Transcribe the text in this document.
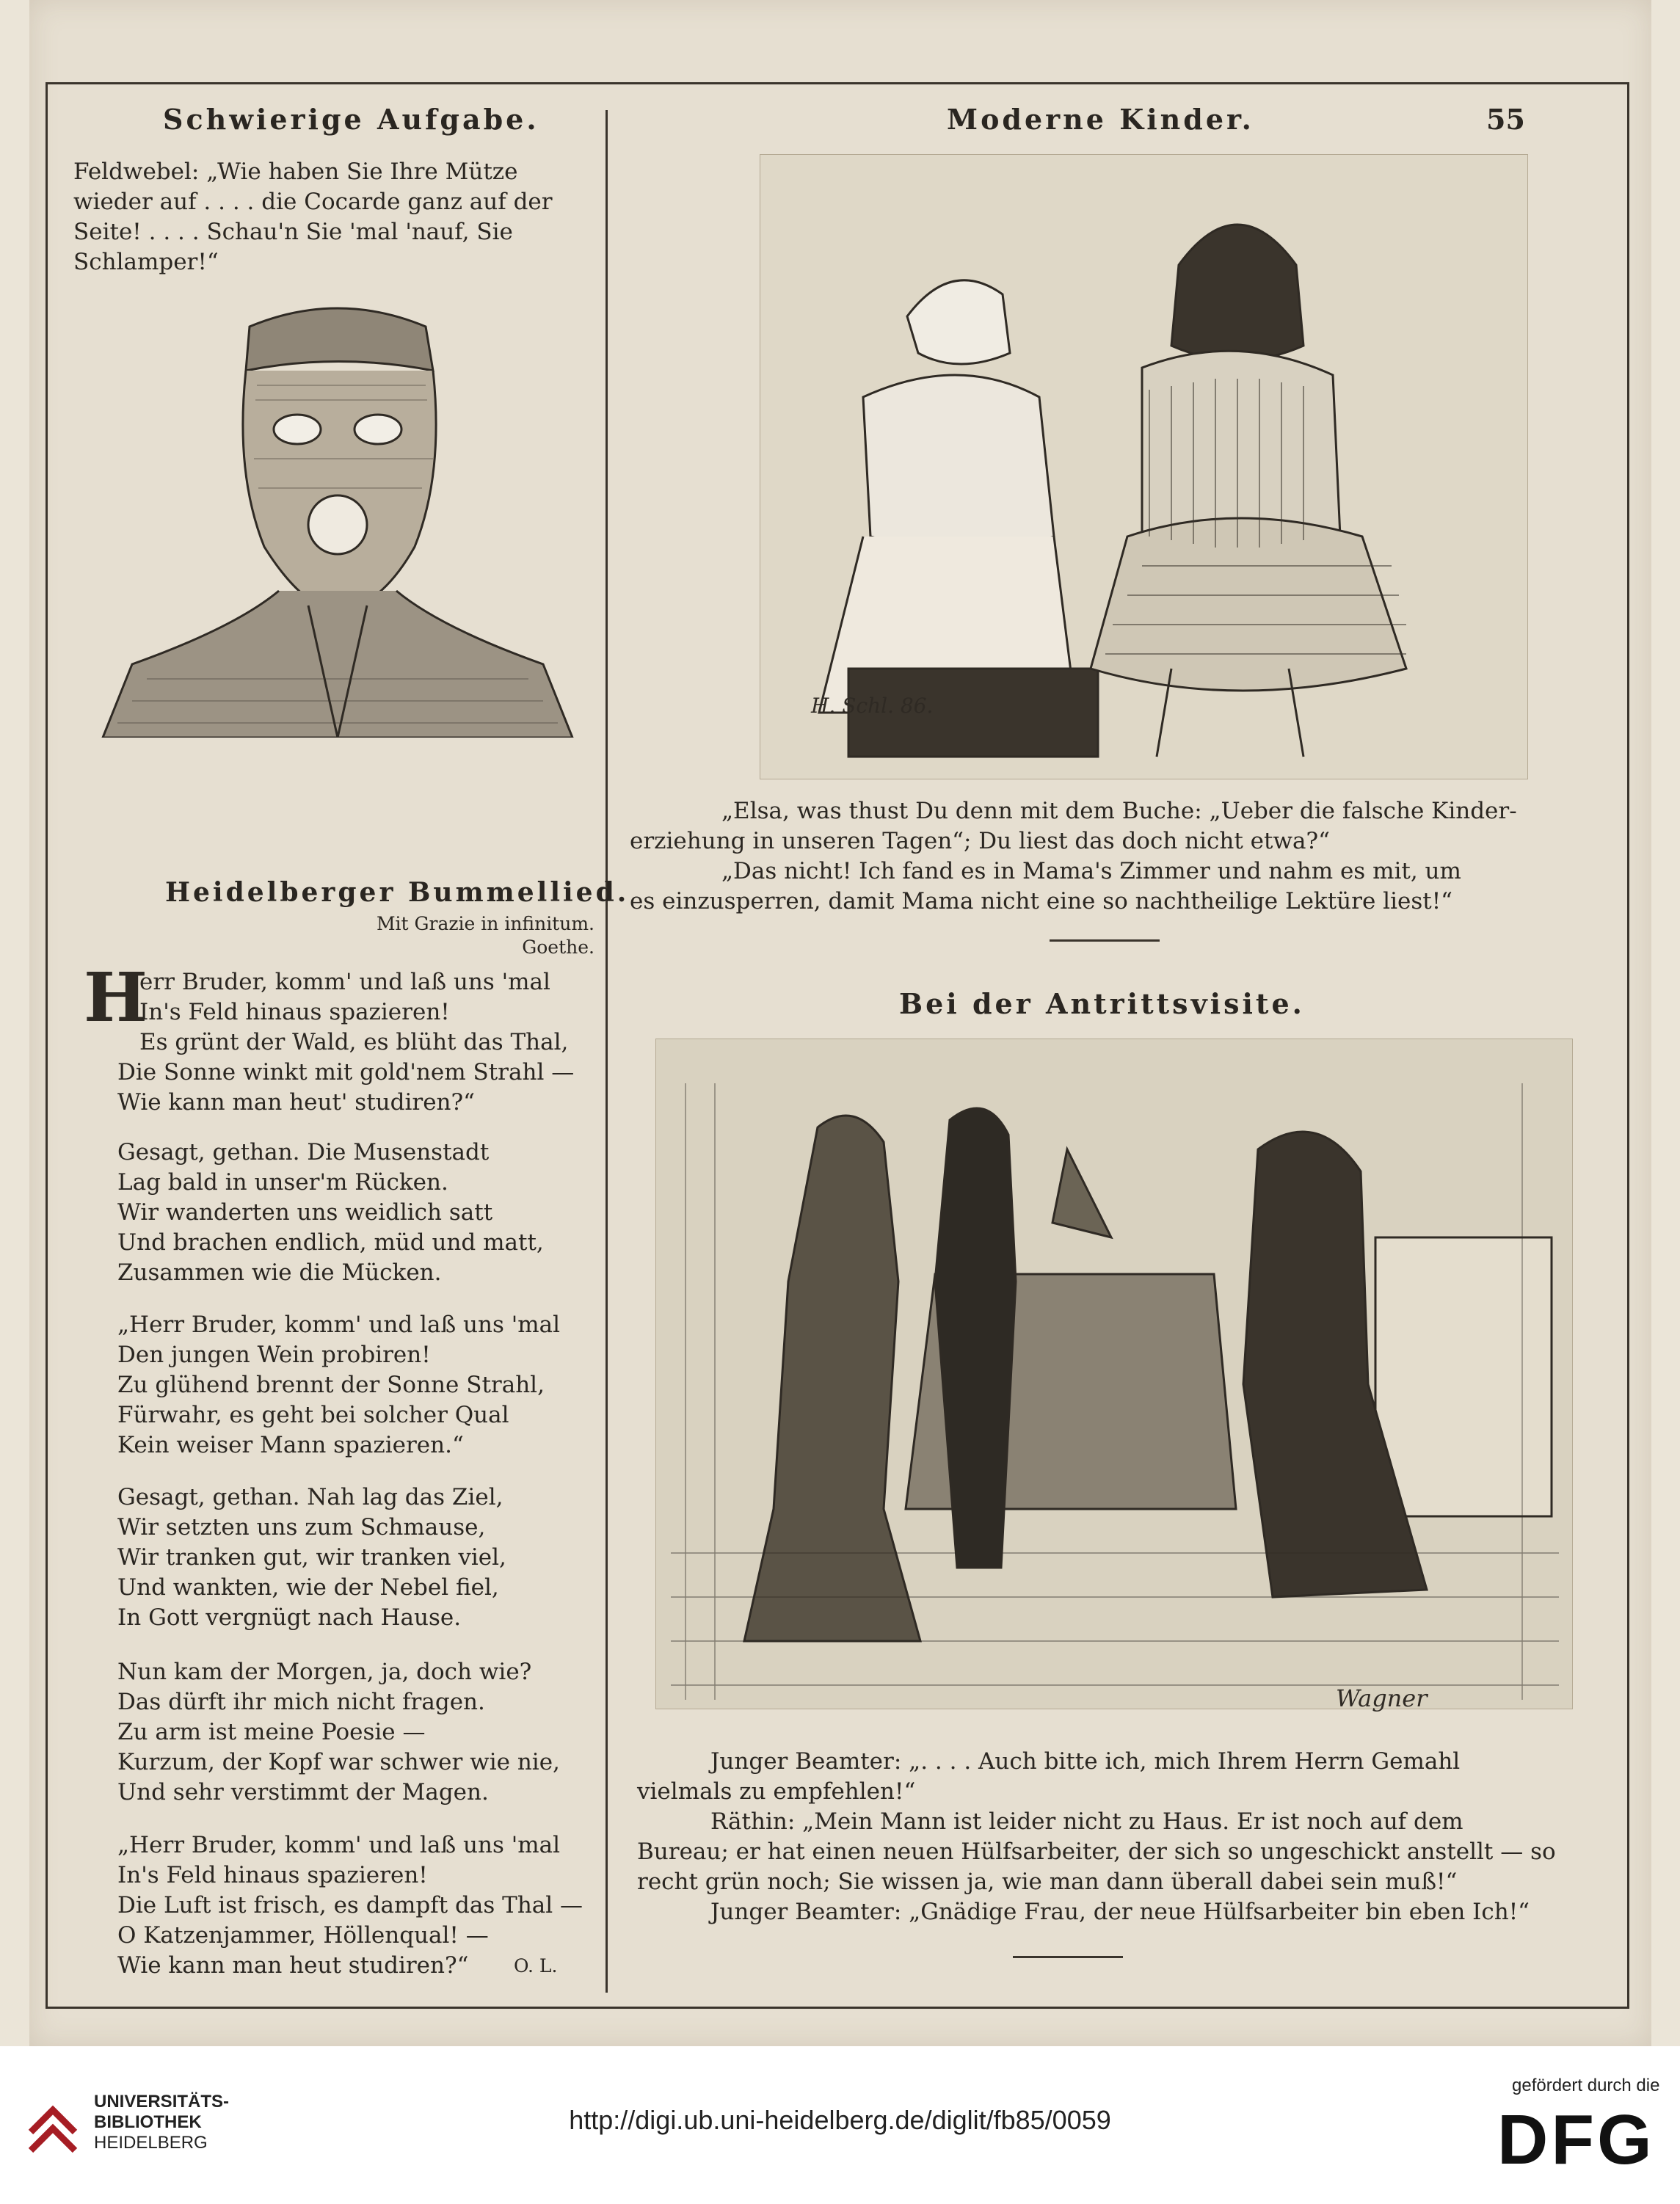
Schwierige Aufgabe.
Feldwebel: „Wie haben Sie Ihre Mütze
wieder auf . . . . die Cocarde ganz auf der
Seite! . . . . Schau'n Sie 'mal 'nauf, Sie
Schlamper!“
Heidelberger Bummellied.
Mit Grazie in infinitum.
Goethe.
H
err Bruder, komm' und laß uns 'mal
In's Feld hinaus spazieren!
Es grünt der Wald, es blüht das Thal,
Die Sonne winkt mit gold'nem Strahl —
Wie kann man heut' studiren?“
Gesagt, gethan. Die Musenstadt
Lag bald in unser'm Rücken.
Wir wanderten uns weidlich satt
Und brachen endlich, müd und matt,
Zusammen wie die Mücken.
„Herr Bruder, komm' und laß uns 'mal
Den jungen Wein probiren!
Zu glühend brennt der Sonne Strahl,
Fürwahr, es geht bei solcher Qual
Kein weiser Mann spazieren.“
Gesagt, gethan. Nah lag das Ziel,
Wir setzten uns zum Schmause,
Wir tranken gut, wir tranken viel,
Und wankten, wie der Nebel fiel,
In Gott vergnügt nach Hause.
Nun kam der Morgen, ja, doch wie?
Das dürft ihr mich nicht fragen.
Zu arm ist meine Poesie —
Kurzum, der Kopf war schwer wie nie,
Und sehr verstimmt der Magen.
„Herr Bruder, komm' und laß uns 'mal
In's Feld hinaus spazieren!
Die Luft ist frisch, es dampft das Thal —
O Katzenjammer, Höllenqual! —
Wie kann man heut studiren?“	O. L.
Moderne Kinder.	55
H. Schl. 86.
„Elsa, was thust Du denn mit dem Buche: „Ueber die falsche Kinder-
erziehung in unseren Tagen“; Du liest das doch nicht etwa?“
„Das nicht! Ich fand es in Mama's Zimmer und nahm es mit, um
es einzusperren, damit Mama nicht eine so nachtheilige Lektüre liest!“
Bei der Antrittsvisite.
Wagner
Junger Beamter: „. . . . Auch bitte ich, mich Ihrem Herrn Gemahl
vielmals zu empfehlen!“
Räthin: „Mein Mann ist leider nicht zu Haus. Er ist noch auf dem
Bureau; er hat einen neuen Hülfsarbeiter, der sich so ungeschickt anstellt — so
recht grün noch; Sie wissen ja, wie man dann überall dabei sein muß!“
Junger Beamter: „Gnädige Frau, der neue Hülfsarbeiter bin eben Ich!“
UNIVERSITÄTS-
BIBLIOTHEK
HEIDELBERG
http://digi.ub.uni-heidelberg.de/diglit/fb85/0059
gefördert durch die
DFG
